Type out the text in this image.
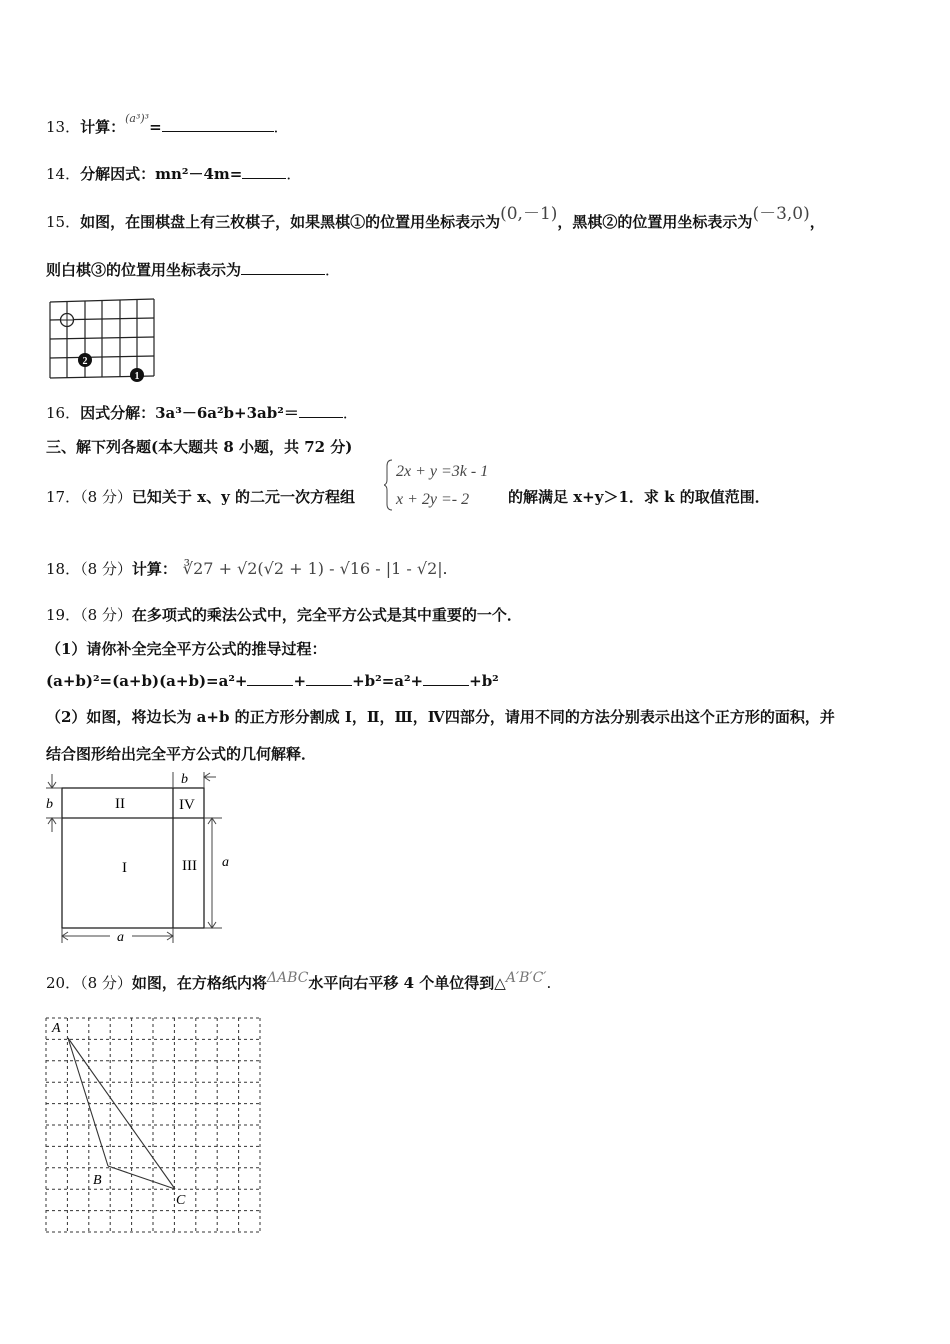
13．计算：$^{(a^3)^3}$=	．
14．分解因式：mn²－4m=	．
15．如图，在围棋盘上有三枚棋子，如果黑棋①的位置用坐标表示为(0,－1)，黑棋②的位置用坐标表示为(－3,0)，
则白棋③的位置用坐标表示为	．
2
1
16．因式分解：3a³－6a²b+3ab²＝	．
三、解下列各题(本大题共 8 小题，共 72 分)
17．（8 分）已知关于 x、y 的二元一次方程组
2x + y =3k - 1
x + 2y =- 2	的解满足 x+y＞1．求 k 的取值范围．
18．（8 分）计算： ∛27 + √2(√2 + 1) - √16 - |1 - √2|.
19．（8 分）在多项式的乘法公式中，完全平方公式是其中重要的一个．
（1）请你补全完全平方公式的推导过程：
(a+b)²=(a+b)(a+b)=a²+	+	+b²=a²+	+b²
（2）如图，将边长为 a+b 的正方形分割成 I，Ⅱ，Ⅲ，Ⅳ四部分，请用不同的方法分别表示出这个正方形的面积，并
结合图形给出完全平方公式的几何解释．
b
b
a
a
II	IV
I	III
20．（8 分）如图，在方格纸内将ΔABC水平向右平移 4 个单位得到△A′B′C′.
A
B
C
